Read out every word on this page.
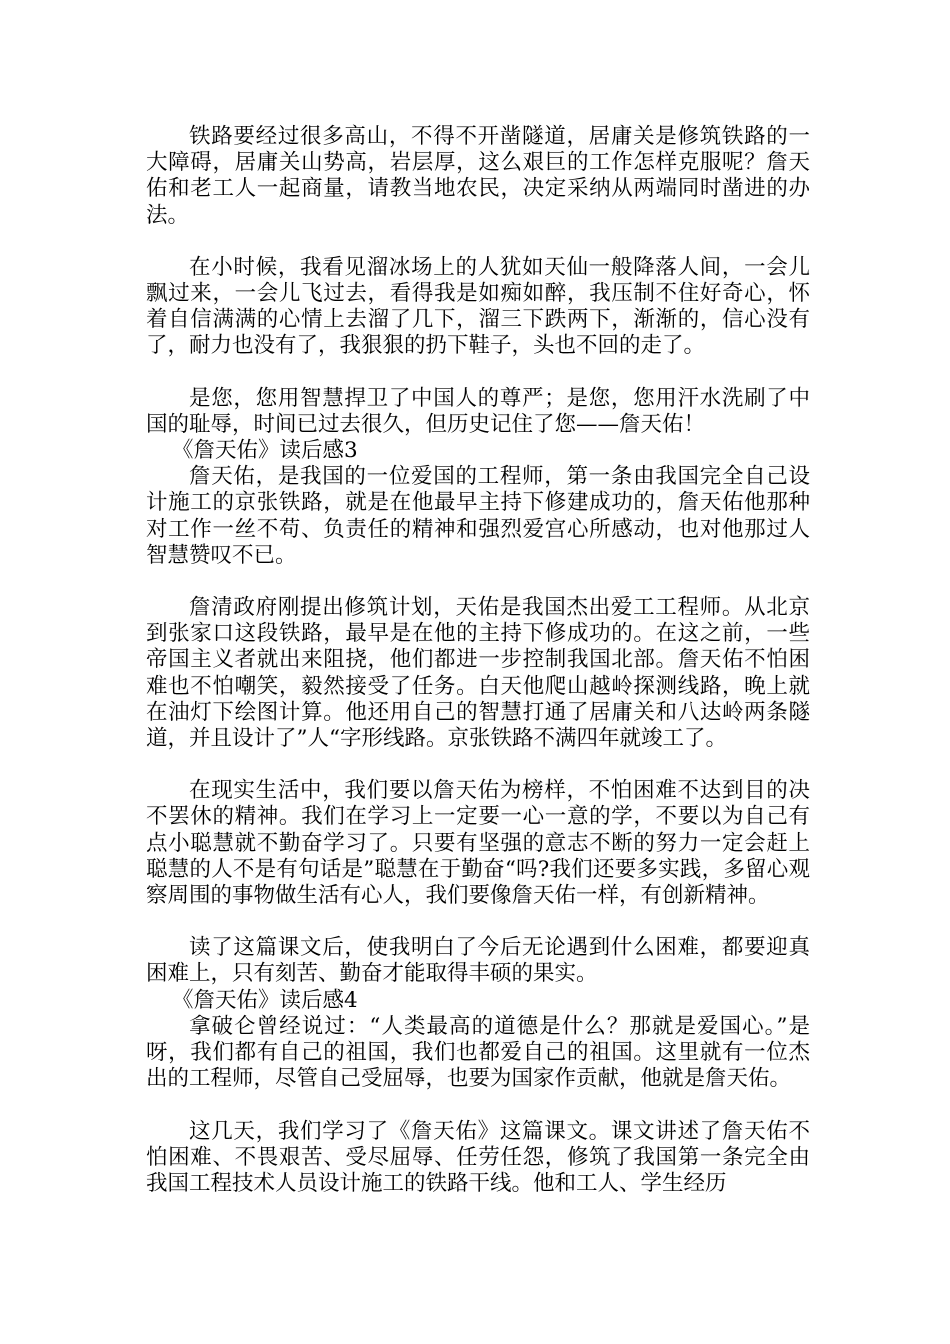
铁路要经过很多高山，不得不开凿隧道，居庸关是修筑铁路的一大障碍，居庸关山势高，岩层厚，这么艰巨的工作怎样克服呢？詹天佑和老工人一起商量，请教当地农民，决定采纳从两端同时凿进的办法。

在小时候，我看见溜冰场上的人犹如天仙一般降落人间，一会儿飘过来，一会儿飞过去，看得我是如痴如醉，我压制不住好奇心，怀着自信满满的心情上去溜了几下，溜三下跌两下，渐渐的，信心没有了，耐力也没有了，我狠狠的扔下鞋子，头也不回的走了。

是您，您用智慧捍卫了中国人的尊严；是您，您用汗水洗刷了中国的耻辱，时间已过去很久，但历史记住了您——詹天佑！

《詹天佑》读后感3

詹天佑，是我国的一位爱国的工程师，第一条由我国完全自己设计施工的京张铁路，就是在他最早主持下修建成功的，詹天佑他那种对工作一丝不苟、负责任的精神和强烈爱宫心所感动，也对他那过人智慧赞叹不已。

詹清政府刚提出修筑计划，天佑是我国杰出爱工工程师。从北京到张家口这段铁路，最早是在他的主持下修成功的。在这之前，一些帝国主义者就出来阻挠，他们都进一步控制我国北部。詹天佑不怕困难也不怕嘲笑，毅然接受了任务。白天他爬山越岭探测线路，晚上就在油灯下绘图计算。他还用自己的智慧打通了居庸关和八达岭两条隧道，并且设计了”人“字形线路。京张铁路不满四年就竣工了。

在现实生活中，我们要以詹天佑为榜样，不怕困难不达到目的决不罢休的精神。我们在学习上一定要一心一意的学，不要以为自己有点小聪慧就不勤奋学习了。只要有坚强的意志不断的努力一定会赶上聪慧的人不是有句话是”聪慧在于勤奋“吗?我们还要多实践，多留心观察周围的事物做生活有心人，我们要像詹天佑一样，有创新精神。

读了这篇课文后，使我明白了今后无论遇到什么困难，都要迎真困难上，只有刻苦、勤奋才能取得丰硕的果实。

《詹天佑》读后感4

拿破仑曾经说过：“人类最高的道德是什么？那就是爱国心。”是呀，我们都有自己的祖国，我们也都爱自己的祖国。这里就有一位杰出的工程师，尽管自己受屈辱，也要为国家作贡献，他就是詹天佑。

这几天，我们学习了《詹天佑》这篇课文。课文讲述了詹天佑不怕困难、不畏艰苦、受尽屈辱、任劳任怨，修筑了我国第一条完全由我国工程技术人员设计施工的铁路干线。他和工人、学生经历
